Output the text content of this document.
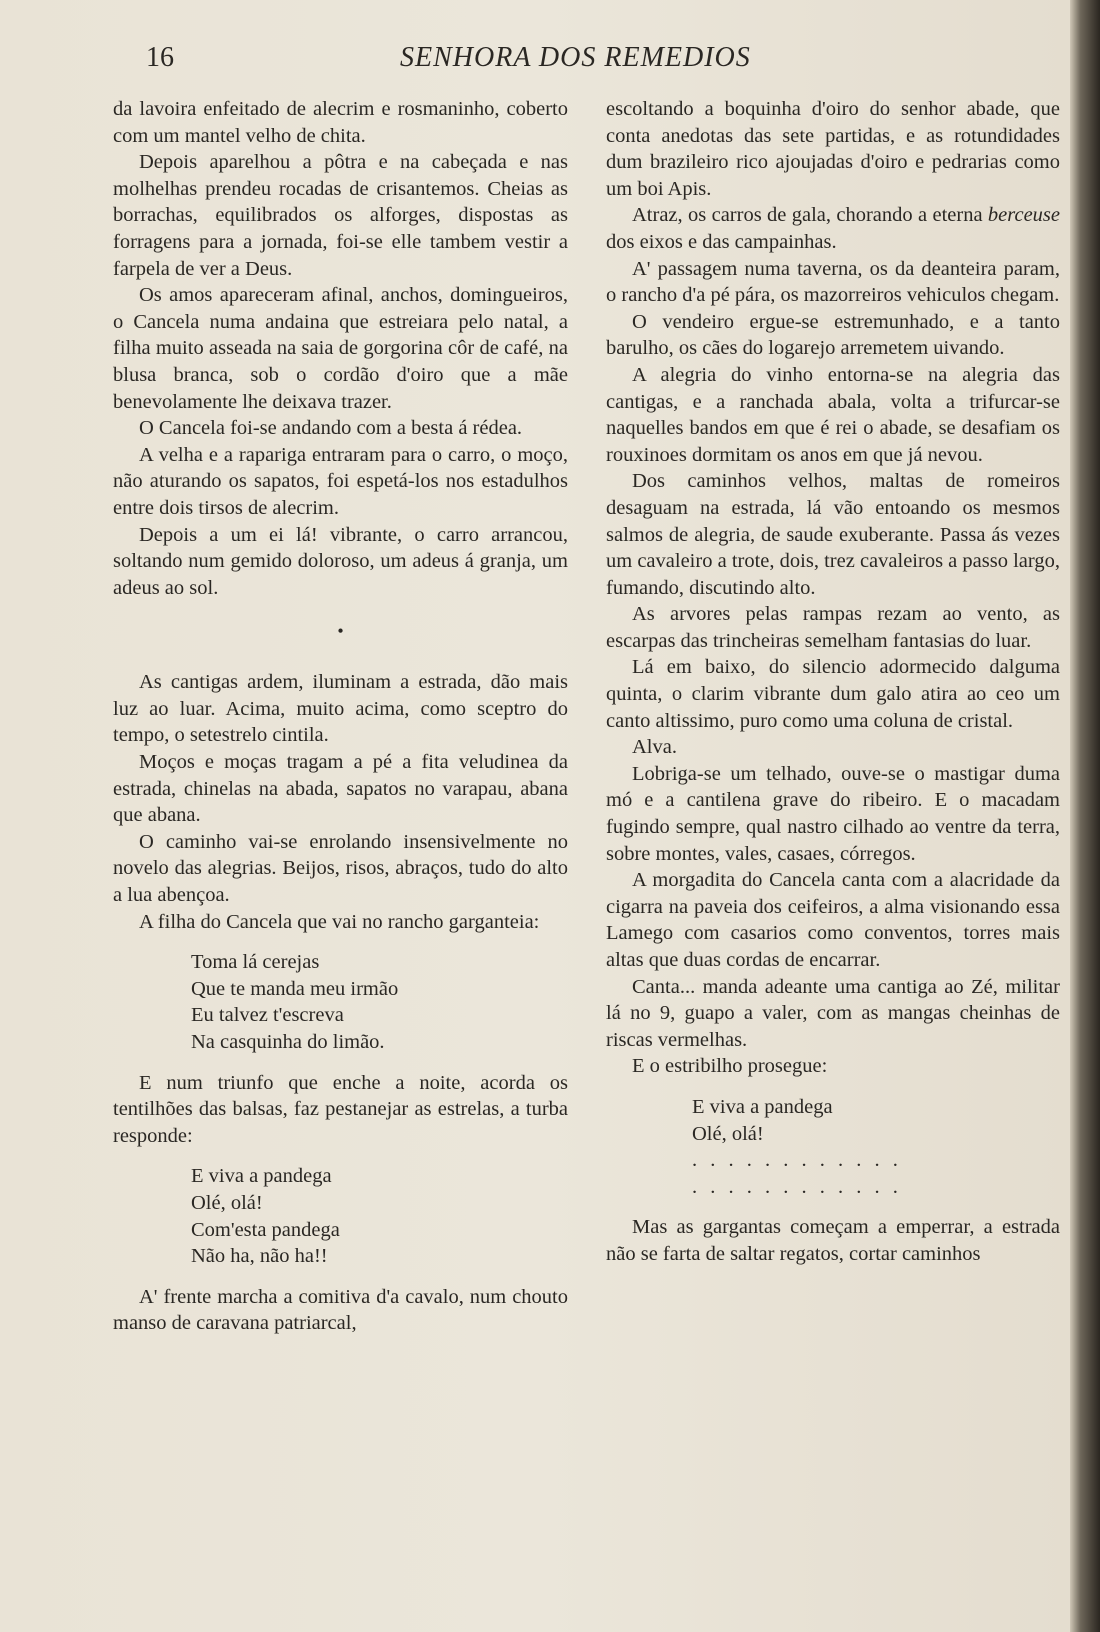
16	SENHORA DOS REMEDIOS

da lavoira enfeitado de alecrim e rosmaninho, coberto com um mantel velho de chita.

Depois aparelhou a pôtra e na cabeçada e nas molhelhas prendeu rocadas de crisantemos. Cheias as borrachas, equilibrados os alforges, dispostas as forragens para a jornada, foi-se elle tambem vestir a farpela de ver a Deus.

Os amos apareceram afinal, anchos, domingueiros, o Cancela numa andaina que estreiara pelo natal, a filha muito asseada na saia de gorgorina côr de café, na blusa branca, sob o cordão d'oiro que a mãe benevolamente lhe deixava trazer.

O Cancela foi-se andando com a besta á rédea.

A velha e a rapariga entraram para o carro, o moço, não aturando os sapatos, foi espetá-los nos estadulhos entre dois tirsos de alecrim.

Depois a um ei lá! vibrante, o carro arrancou, soltando num gemido doloroso, um adeus á granja, um adeus ao sol.

•

As cantigas ardem, iluminam a estrada, dão mais luz ao luar. Acima, muito acima, como sceptro do tempo, o setestrelo cintila.

Moços e moças tragam a pé a fita veludinea da estrada, chinelas na abada, sapatos no varapau, abana que abana.

O caminho vai-se enrolando insensivelmente no novelo das alegrias. Beijos, risos, abraços, tudo do alto a lua abençoa.

A filha do Cancela que vai no rancho garganteia:

Toma lá cerejas
Que te manda meu irmão
Eu talvez t'escreva
Na casquinha do limão.

E num triunfo que enche a noite, acorda os tentilhões das balsas, faz pestanejar as estrelas, a turba responde:

E viva a pandega
Olé, olá!
Com'esta pandega
Não ha, não ha!!

A' frente marcha a comitiva d'a cavalo, num chouto manso de caravana patriarcal,

escoltando a boquinha d'oiro do senhor abade, que conta anedotas das sete partidas, e as rotundidades dum brazileiro rico ajoujadas d'oiro e pedrarias como um boi Apis.

Atraz, os carros de gala, chorando a eterna berceuse dos eixos e das campainhas.

A' passagem numa taverna, os da deanteira param, o rancho d'a pé pára, os mazorreiros vehiculos chegam.

O vendeiro ergue-se estremunhado, e a tanto barulho, os cães do logarejo arremetem uivando.

A alegria do vinho entorna-se na alegria das cantigas, e a ranchada abala, volta a trifurcar-se naquelles bandos em que é rei o abade, se desafiam os rouxinoes dormitam os anos em que já nevou.

Dos caminhos velhos, maltas de romeiros desaguam na estrada, lá vão entoando os mesmos salmos de alegria, de saude exuberante. Passa ás vezes um cavaleiro a trote, dois, trez cavaleiros a passo largo, fumando, discutindo alto.

As arvores pelas rampas rezam ao vento, as escarpas das trincheiras semelham fantasias do luar.

Lá em baixo, do silencio adormecido dalguma quinta, o clarim vibrante dum galo atira ao ceo um canto altissimo, puro como uma coluna de cristal.

Alva.

Lobriga-se um telhado, ouve-se o mastigar duma mó e a cantilena grave do ribeiro. E o macadam fugindo sempre, qual nastro cilhado ao ventre da terra, sobre montes, vales, casaes, córregos.

A morgadita do Cancela canta com a alacridade da cigarra na paveia dos ceifeiros, a alma visionando essa Lamego com casarios como conventos, torres mais altas que duas cordas de encarrar.

Canta... manda adeante uma cantiga ao Zé, militar lá no 9, guapo a valer, com as mangas cheinhas de riscas vermelhas.

E o estribilho prosegue:

E viva a pandega
Olé, olá!
. . . . . . . . . . . .
. . . . . . . . . . . .

Mas as gargantas começam a emperrar, a estrada não se farta de saltar regatos, cortar caminhos
